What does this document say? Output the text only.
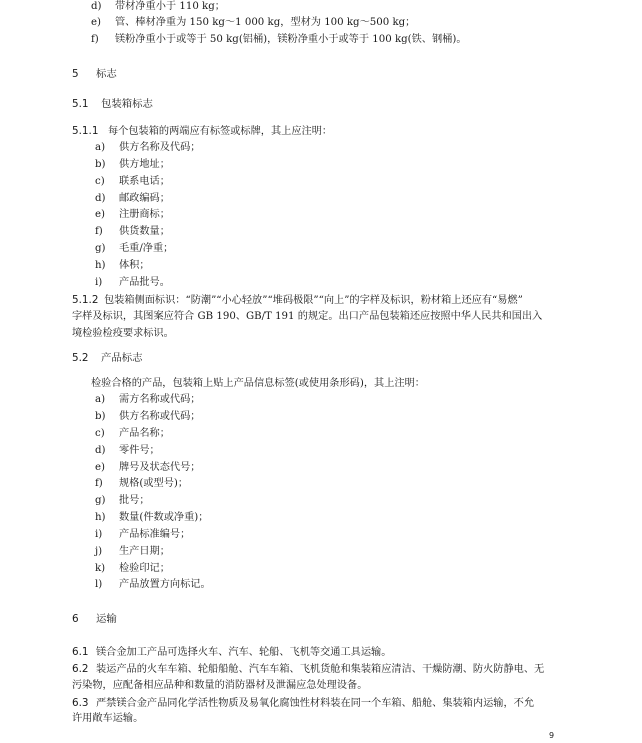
d) 带材净重小于 110 kg；
e) 管、棒材净重为 150 kg～1 000 kg，型材为 100 kg～500 kg；
f) 镁粉净重小于或等于 50 kg(铝桶)，镁粉净重小于或等于 100 kg(铁、钢桶)。
5 标志
5.1 包装箱标志
5.1.1 每个包装箱的两端应有标签或标牌，其上应注明：
a) 供方名称及代码；
b) 供方地址；
c) 联系电话；
d) 邮政编码；
e) 注册商标；
f) 供货数量；
g) 毛重/净重；
h) 体积；
i) 产品批号。
5.1.2 包装箱侧面标识：“防潮”“小心轻放”“堆码极限”“向上”的字样及标识，粉材箱上还应有“易燃”
字样及标识，其图案应符合 GB 190、GB/T 191 的规定。出口产品包装箱还应按照中华人民共和国出入
境检验检疫要求标识。
5.2 产品标志
检验合格的产品，包装箱上贴上产品信息标签(或使用条形码)，其上注明：
a) 需方名称或代码；
b) 供方名称或代码；
c) 产品名称；
d) 零件号；
e) 牌号及状态代号；
f) 规格(或型号)；
g) 批号；
h) 数量(件数或净重)；
i) 产品标准编号；
j) 生产日期；
k) 检验印记；
l) 产品放置方向标记。
6 运输
6.1 镁合金加工产品可选择火车、汽车、轮船、飞机等交通工具运输。
6.2 装运产品的火车车箱、轮船船舱、汽车车箱、飞机货舱和集装箱应清洁、干燥防潮、防火防静电、无
污染物，应配备相应品种和数量的消防器材及泄漏应急处理设备。
6.3 严禁镁合金产品同化学活性物质及易氧化腐蚀性材料装在同一个车箱、船舱、集装箱内运输，不允
许用敞车运输。
9
